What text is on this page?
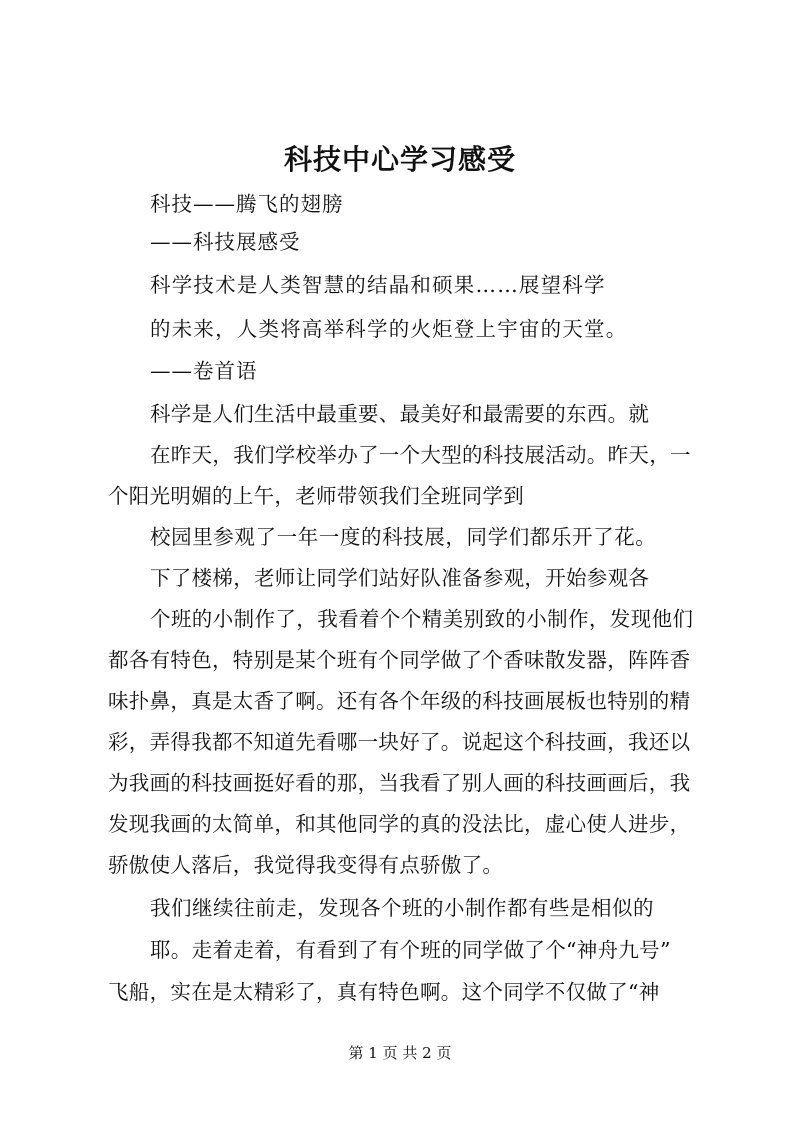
科技中心学习感受
科技——腾飞的翅膀
——科技展感受
科学技术是人类智慧的结晶和硕果……展望科学
的未来，人类将高举科学的火炬登上宇宙的天堂。
——卷首语
科学是人们生活中最重要、最美好和最需要的东西。就
在昨天，我们学校举办了一个大型的科技展活动。昨天，一
个阳光明媚的上午，老师带领我们全班同学到
校园里参观了一年一度的科技展，同学们都乐开了花。
下了楼梯，老师让同学们站好队准备参观，开始参观各
个班的小制作了，我看着个个精美别致的小制作，发现他们
都各有特色，特别是某个班有个同学做了个香味散发器，阵阵香
味扑鼻，真是太香了啊。还有各个年级的科技画展板也特别的精
彩，弄得我都不知道先看哪一块好了。说起这个科技画，我还以
为我画的科技画挺好看的那，当我看了别人画的科技画画后，我
发现我画的太简单，和其他同学的真的没法比，虚心使人进步，
骄傲使人落后，我觉得我变得有点骄傲了。
我们继续往前走，发现各个班的小制作都有些是相似的
耶。走着走着，有看到了有个班的同学做了个“神舟九号”
飞船，实在是太精彩了，真有特色啊。这个同学不仅做了“神
第 1 页 共 2 页
